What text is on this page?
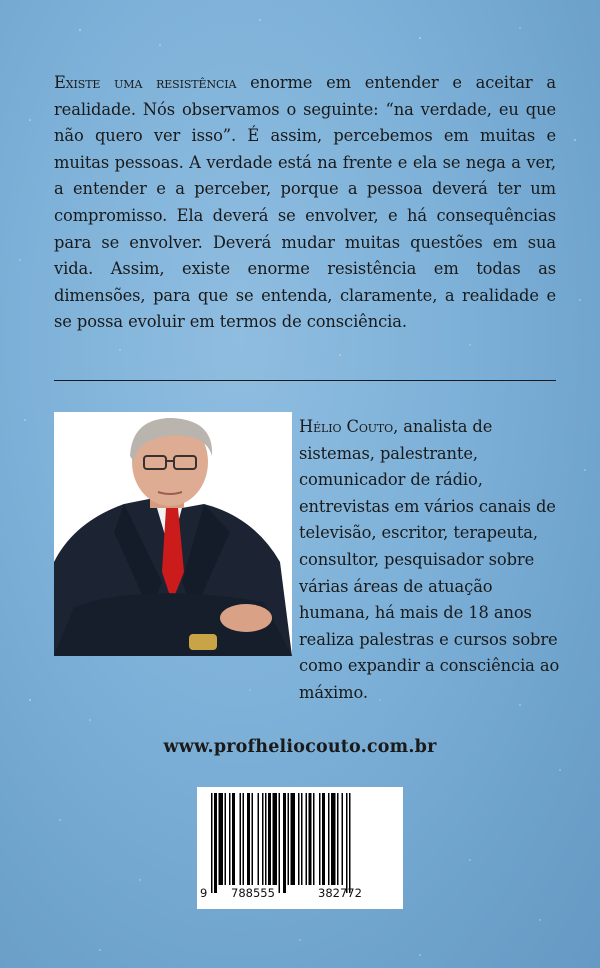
Existe uma resistência enorme em entender e aceitar a realidade. Nós observamos o seguinte: “na verdade, eu que não quero ver isso”. É assim, percebemos em muitas e muitas pessoas. A verdade está na frente e ela se nega a ver, a entender e a perceber, porque a pessoa deverá ter um compromisso. Ela deverá se envolver, e há consequências para se envolver. Deverá mudar muitas questões em sua vida. Assim, existe enorme resistência em todas as dimensões, para que se entenda, claramente, a realidade e se possa evoluir em termos de consciência.

Hélio Couto, analista de sistemas, palestrante, comunicador de rádio, entrevistas em vários canais de televisão, escritor, terapeuta, consultor, pesquisador sobre várias áreas de atuação humana, há mais de 18 anos realiza palestras e cursos sobre como expandir a consciência ao máximo.

www.profheliocouto.com.br
9 788555	382772
